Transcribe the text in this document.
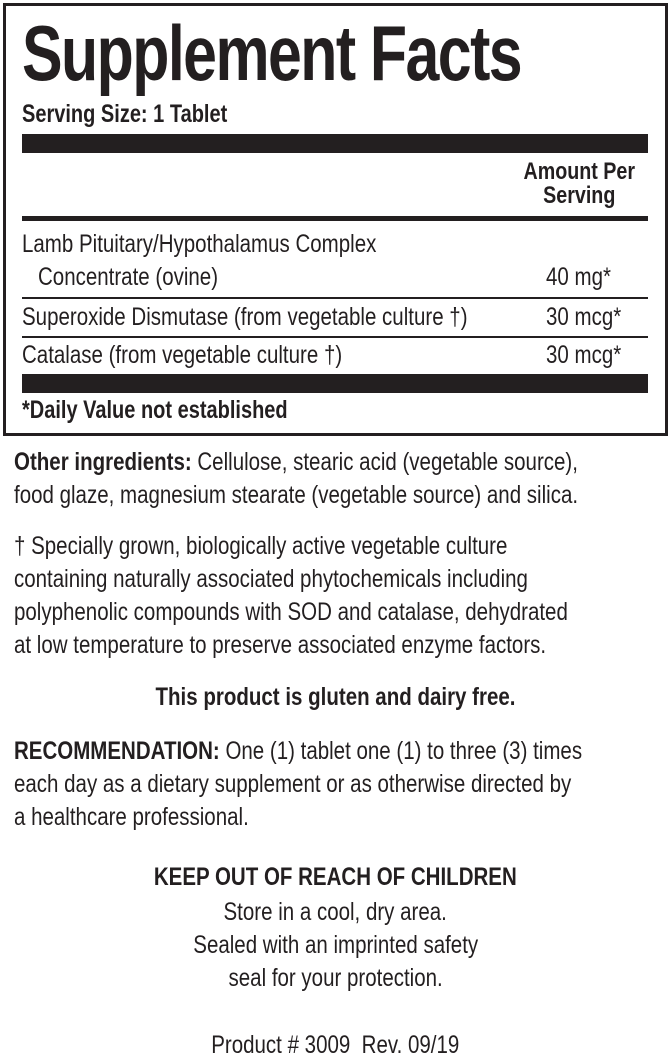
Supplement Facts
Serving Size: 1 Tablet
Amount Per
Serving
Lamb Pituitary/Hypothalamus Complex
Concentrate (ovine)	40 mg*
Superoxide Dismutase (from vegetable culture †)	30 mcg*
Catalase (from vegetable culture †)	30 mcg*
*Daily Value not established
Other ingredients: Cellulose, stearic acid (vegetable source),
food glaze, magnesium stearate (vegetable source) and silica.
† Specially grown, biologically active vegetable culture
containing naturally associated phytochemicals including
polyphenolic compounds with SOD and catalase, dehydrated
at low temperature to preserve associated enzyme factors.
This product is gluten and dairy free.
RECOMMENDATION: One (1) tablet one (1) to three (3) times
each day as a dietary supplement or as otherwise directed by
a healthcare professional.
KEEP OUT OF REACH OF CHILDREN
Store in a cool, dry area.
Sealed with an imprinted safety
seal for your protection.
Product # 3009  Rev. 09/19
